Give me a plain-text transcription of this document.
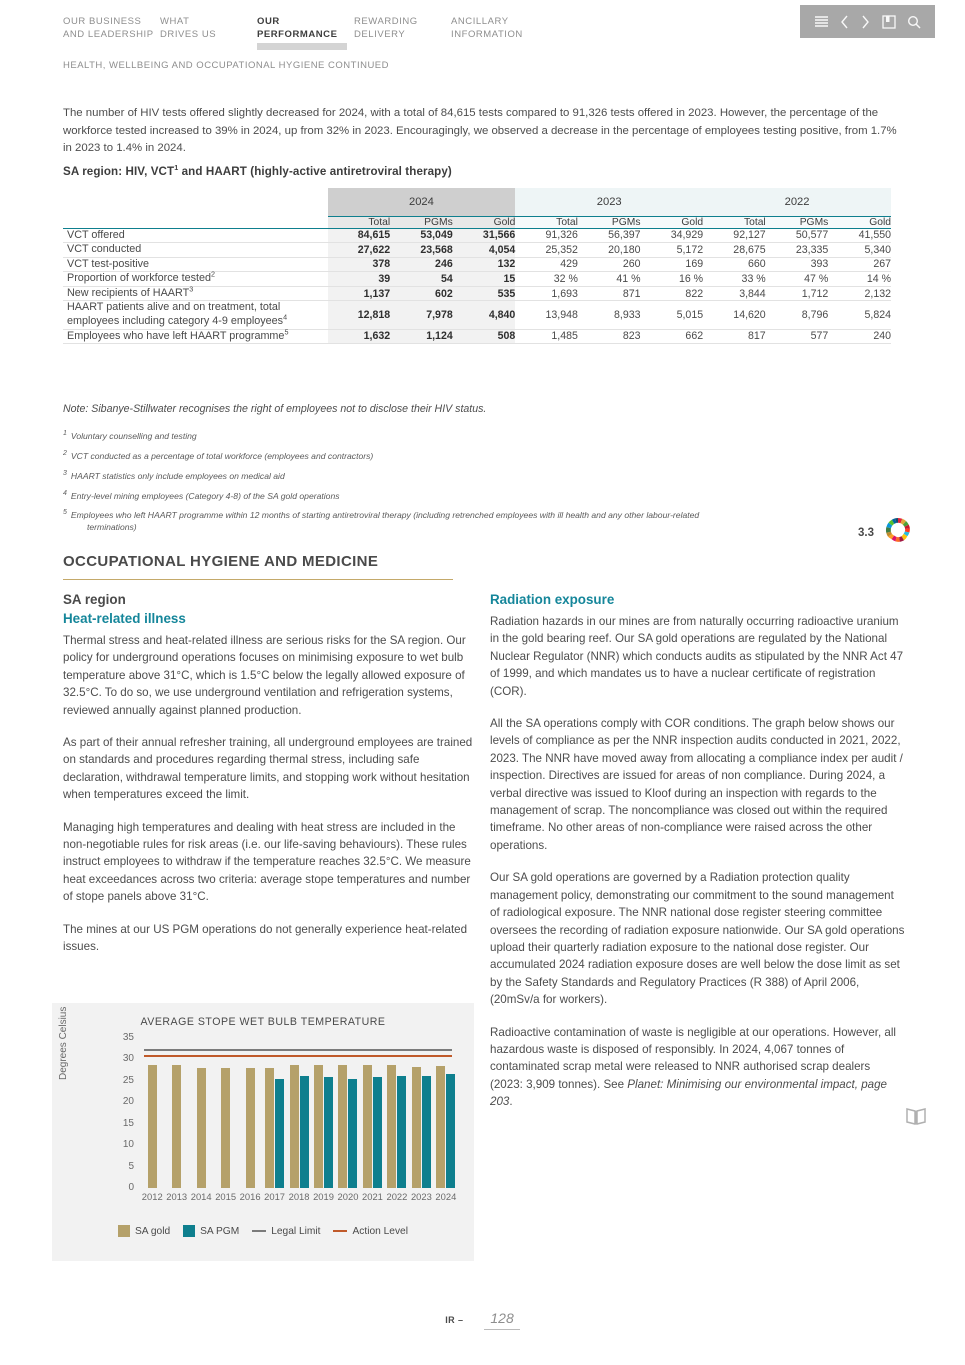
OUR BUSINESS
AND LEADERSHIP
WHAT
DRIVES US
OUR
PERFORMANCE
REWARDING
DELIVERY
ANCILLARY
INFORMATION
HEALTH, WELLBEING AND OCCUPATIONAL HYGIENE CONTINUED
The number of HIV tests offered slightly decreased for 2024, with a total of 84,615 tests compared to 91,326 tests offered in 2023. However, the percentage of the workforce tested increased to 39% in 2024, up from 32% in 2023. Encouragingly, we observed a decrease in the percentage of employees testing positive, from 1.7% in 2023 to 1.4% in 2024.
SA region: HIV, VCT$^1$ and HAART (highly-active antiretroviral therapy)
	2024			2023			2022		
	Total	PGMs	Gold	Total	PGMs	Gold	Total	PGMs	Gold

VCT offered	84,615	53,049	31,566	91,326	56,397	34,929	92,127	50,577	41,550
VCT conducted	27,622	23,568	4,054	25,352	20,180	5,172	28,675	23,335	5,340
VCT test-positive	378	246	132	429	260	169	660	393	267
Proportion of workforce tested$^2$	39	54	15	32 %	41 %	16 %	33 %	47 %	14 %
New recipients of HAART$^3$	1,137	602	535	1,693	871	822	3,844	1,712	2,132
HAART patients alive and on treatment, total employees including category 4-9 employees$^4$	12,818	7,978	4,840	13,948	8,933	5,015	14,620	8,796	5,824
Employees who have left HAART programme$^5$	1,632	1,124	508	1,485	823	662	817	577	240

Note: Sibanye-Stillwater recognises the right of employees not to disclose their HIV status.
$^1$ Voluntary counselling and testing
$^2$ VCT conducted as a percentage of total workforce (employees and contractors)
$^3$ HAART statistics only include employees on medical aid
$^4$ Entry-level mining employees (Category 4-8) of the SA gold operations
$^5$ Employees who left HAART programme within 12 months of starting antiretroviral therapy (including retrenched employees with ill health and any other labour-related
terminations)	3.3
OCCUPATIONAL HYGIENE AND MEDICINE
SA region
Heat-related illness

Thermal stress and heat-related illness are serious risks for the SA region. Our policy for underground operations focuses on minimising exposure to wet bulb temperature above 31°C, which is 1.5°C below the legally allowed exposure of 32.5°C. To do so, we use underground ventilation and refrigeration systems, reviewed annually against planned production.

As part of their annual refresher training, all underground employees are trained on standards and procedures regarding thermal stress, including safe declaration, withdrawal temperature limits, and stopping work without hesitation when temperatures exceed the limit.

Managing high temperatures and dealing with heat stress are included in the non-negotiable rules for risk areas (i.e. our life-saving behaviours). These rules instruct employees to withdraw if the temperature reaches 32.5°C. We measure heat exceedances across two criteria: average stope temperatures and number of stope panels above 31°C.

The mines at our US PGM operations do not generally experience heat-related issues.

Radiation exposure

Radiation hazards in our mines are from naturally occurring radioactive uranium in the gold bearing reef. Our SA gold operations are regulated by the National Nuclear Regulator (NNR) which conducts audits as stipulated by the NNR Act 47 of 1999, and which mandates us to have a nuclear certificate of registration (COR).

All the SA operations comply with COR conditions. The graph below shows our levels of compliance as per the NNR inspection audits conducted in 2021, 2022, 2023. The NNR have moved away from allocating a compliance index per audit / inspection. Directives are issued for areas of non compliance. During 2024, a verbal directive was issued to Kloof during an inspection with regards to the management of scrap. The noncompliance was closed out within the required timeframe. No other areas of non-compliance were raised across the other operations.

Our SA gold operations are governed by a Radiation protection quality management policy, demonstrating our commitment to the sound management of radiological exposure. The NNR national dose register steering committee oversees the recording of radiation exposure nationwide. Our SA gold operations upload their quarterly radiation exposure to the national dose register. Our accumulated 2024 radiation exposure doses are well below the dose limit as set by the Safety Standards and Regulatory Practices (R 388) of April 2006, (20mSv/a for workers).

Radioactive contamination of waste is negligible at our operations. However, all hazardous waste is disposed of responsibly. In 2024, 4,067 tonnes of contaminated scrap metal were released to NNR authorised scrap dealers (2023: 3,909 tonnes). See Planet: Minimising our environmental impact, page 203.

AVERAGE STOPE WET BULB TEMPERATURE
Degrees Celsius	35
30
25
20
15
10
5
0
2012 2013 2014 2015 2016 2017 2018 2019 2020 2021 2022 2023 2024
SA gold	SA PGM	Legal Limit	Action Level
IR –	128
